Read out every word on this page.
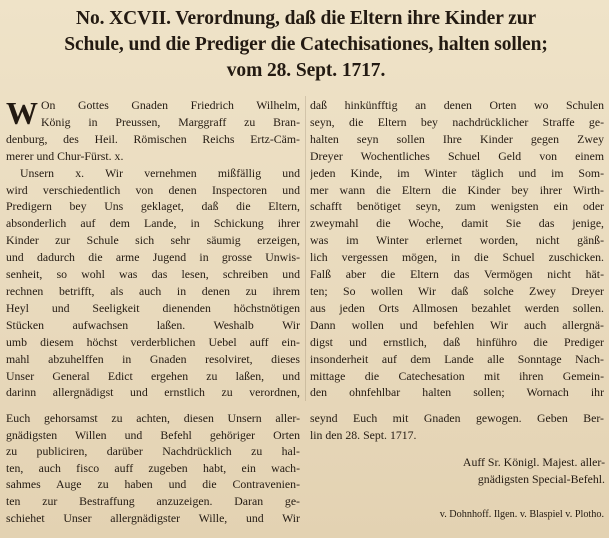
No. XCVII. Verordnung, daß die Eltern ihre Kinder zur
Schule, und die Prediger die Catechisationes, halten sollen;
vom 28. Sept. 1717.
W On Gottes Gnaden Friedrich Wilhelm,
König in Preussen, Marggraff zu Bran-
denburg, des Heil. Römischen Reichs Ertz-Cäm-
merer und Chur-Fürst. x.
Unsern x. Wir vernehmen mißfällig und
wird verschiedentlich von denen Inspectoren und
Predigern bey Uns geklaget, daß die Eltern,
absonderlich auf dem Lande, in Schickung ihrer
Kinder zur Schule sich sehr säumig erzeigen,
und dadurch die arme Jugend in grosse Unwis-
senheit, so wohl was das lesen, schreiben und
rechnen betrifft, als auch in denen zu ihrem
Heyl und Seeligkeit dienenden höchstnötigen
Stücken aufwachsen laßen. Weshalb Wir
umb diesem höchst verderblichen Uebel auff ein-
mahl abzuhelffen in Gnaden resolviret, dieses
Unser General Edict ergehen zu laßen, und
darinn allergnädigst und ernstlich zu verordnen,
daß hinkünfftig an denen Orten wo Schulen
seyn, die Eltern bey nachdrücklicher Straffe ge-
halten seyn sollen Ihre Kinder gegen Zwey
Dreyer Wochentliches Schuel Geld von einem
jeden Kinde, im Winter täglich und im Som-
mer wann die Eltern die Kinder bey ihrer Wirth-
schafft benötiget seyn, zum wenigsten ein oder
zweymahl die Woche, damit Sie das jenige,
was im Winter erlernet worden, nicht gänß-
lich vergessen mögen, in die Schuel zuschicken.
Falß aber die Eltern das Vermögen nicht hät-
ten; So wollen Wir daß solche Zwey Dreyer
aus jeden Orts Allmosen bezahlet werden sollen.
Dann wollen und befehlen Wir auch allergnä-
digst und ernstlich, daß hinführo die Prediger
insonderheit auf dem Lande alle Sonntage Nach-
mittage die Catechesation mit ihren Gemein-
den ohnfehlbar halten sollen; Wornach ihr
Euch gehorsamst zu achten, diesen Unsern aller-
gnädigsten Willen und Befehl gehöriger Orten
zu publiciren, darüber Nachdrücklich zu hal-
ten, auch fisco auff zugeben habt, ein wach-
sahmes Auge zu haben und die Contravenien-
ten zur Bestraffung anzuzeigen. Daran ge-
schiehet Unser allergnädigster Wille, und Wir
seynd Euch mit Gnaden gewogen. Geben Ber-
lin den 28. Sept. 1717.
Auff Sr. Königl. Majest. aller-
gnädigsten Special-Befehl.
v. Dohnhoff. Ilgen. v. Blaspiel v. Plotho.
